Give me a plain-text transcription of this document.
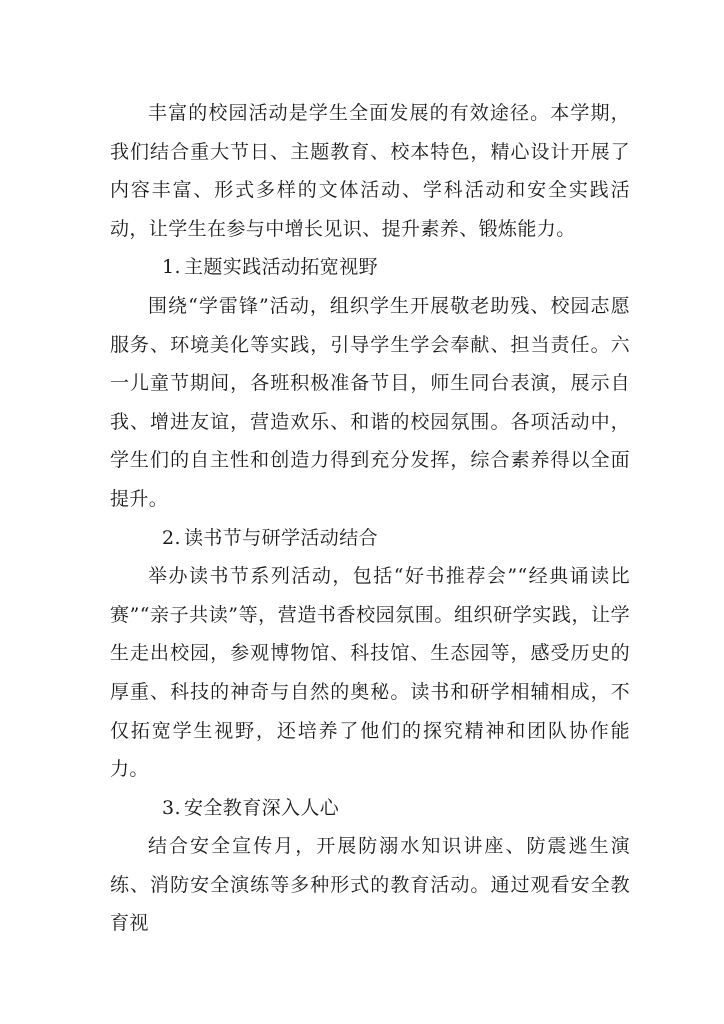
丰富的校园活动是学生全面发展的有效途径。本学期，我们结合重大节日、主题教育、校本特色，精心设计开展了内容丰富、形式多样的文体活动、学科活动和安全实践活动，让学生在参与中增长见识、提升素养、锻炼能力。

1. 主题实践活动拓宽视野

围绕“学雷锋”活动，组织学生开展敬老助残、校园志愿服务、环境美化等实践，引导学生学会奉献、担当责任。六一儿童节期间，各班积极准备节目，师生同台表演，展示自我、增进友谊，营造欢乐、和谐的校园氛围。各项活动中，学生们的自主性和创造力得到充分发挥，综合素养得以全面提升。

2. 读书节与研学活动结合

举办读书节系列活动，包括“好书推荐会”“经典诵读比赛”“亲子共读”等，营造书香校园氛围。组织研学实践，让学生走出校园，参观博物馆、科技馆、生态园等，感受历史的厚重、科技的神奇与自然的奥秘。读书和研学相辅相成，不仅拓宽学生视野，还培养了他们的探究精神和团队协作能力。

3. 安全教育深入人心

结合安全宣传月，开展防溺水知识讲座、防震逃生演练、消防安全演练等多种形式的教育活动。通过观看安全教育视
